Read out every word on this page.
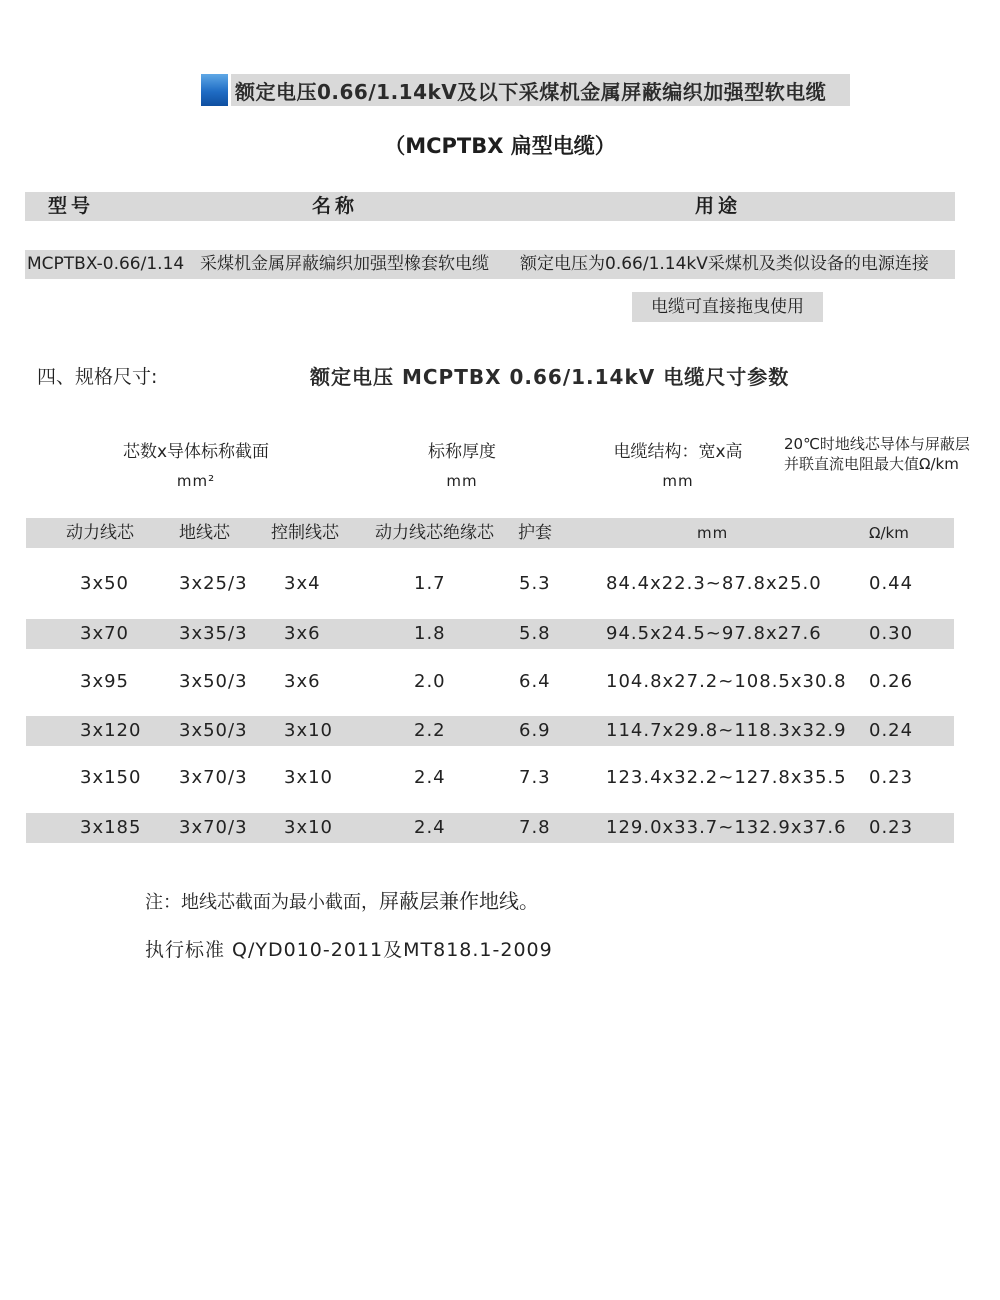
额定电压0.66/1.14kV及以下采煤机金属屏蔽编织加强型软电缆
（MCPTBX 扁型电缆）
型号	名称	用途
MCPTBX-0.66/1.14 采煤机金属屏蔽编织加强型橡套软电缆 额定电压为0.66/1.14kV采煤机及类似设备的电源连接
电缆可直接拖曳使用
四、规格尺寸:	额定电压 MCPTBX 0.66/1.14kV 电缆尺寸参数
芯数x导体标称截面
mm²
标称厚度
mm
电缆结构：宽x高
mm
20℃时地线芯导体与屏蔽层
并联直流电阻最大值Ω/km
动力线芯	地线芯 控制线芯 动力线芯绝缘芯 护套	mm	Ω/km
3x50	3x25/3 3x4	1.7	5.3	84.4x22.3~87.8x25.0	0.44
3x70	3x35/3 3x6	1.8	5.8	94.5x24.5~97.8x27.6	0.30
3x95	3x50/3 3x6	2.0	6.4	104.8x27.2~108.5x30.8 0.26
3x120 3x50/3 3x10	2.2	6.9	114.7x29.8~118.3x32.9 0.24
3x150 3x70/3 3x10	2.4	7.3	123.4x32.2~127.8x35.5 0.23
3x185 3x70/3 3x10	2.4	7.8	129.0x33.7~132.9x37.6 0.23
注：地线芯截面为最小截面，屏蔽层兼作地线。
执行标准 Q/YD010-2011及MT818.1-2009
